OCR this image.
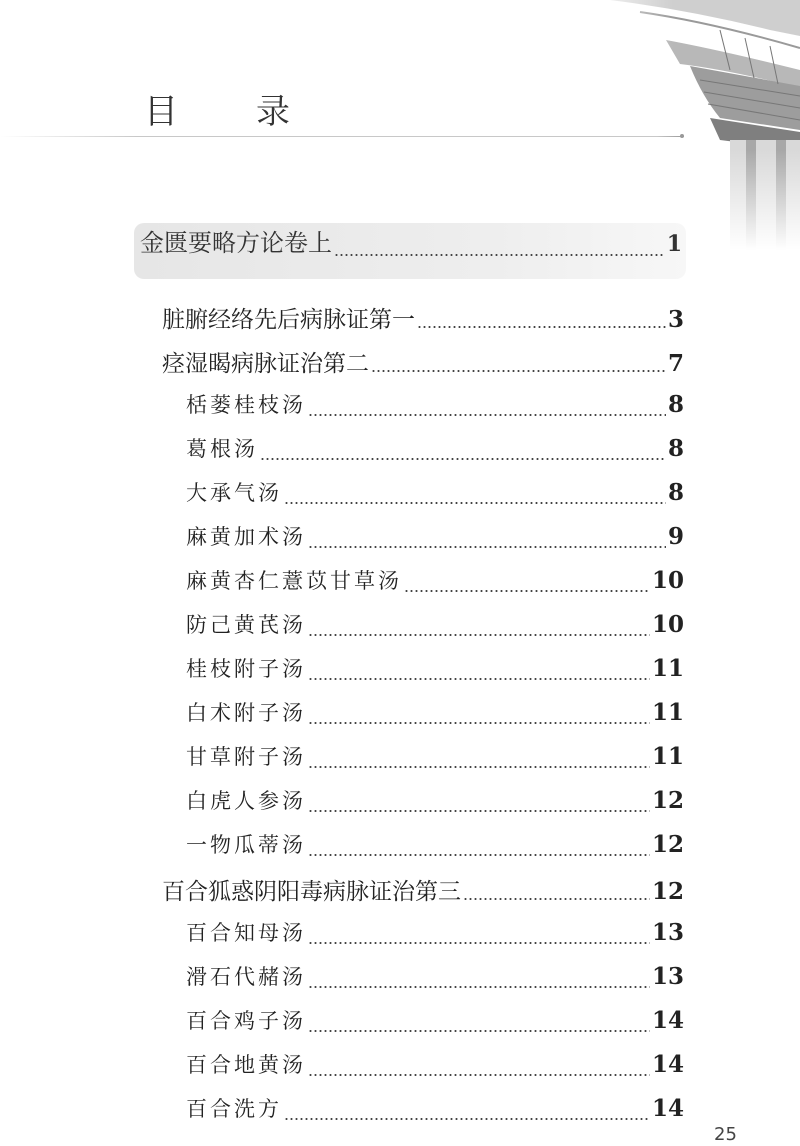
目　录
金匮要略方论卷上	1
脏腑经络先后病脉证第一	3
痉湿暍病脉证治第二	7
栝蒌桂枝汤	8
葛根汤	8
大承气汤	8
麻黄加术汤	9
麻黄杏仁薏苡甘草汤	10
防己黄芪汤	10
桂枝附子汤	11
白术附子汤	11
甘草附子汤	11
白虎人参汤	12
一物瓜蒂汤	12
百合狐惑阴阳毒病脉证治第三	12
百合知母汤	13
滑石代赭汤	13
百合鸡子汤	14
百合地黄汤	14
百合洗方	14
25
